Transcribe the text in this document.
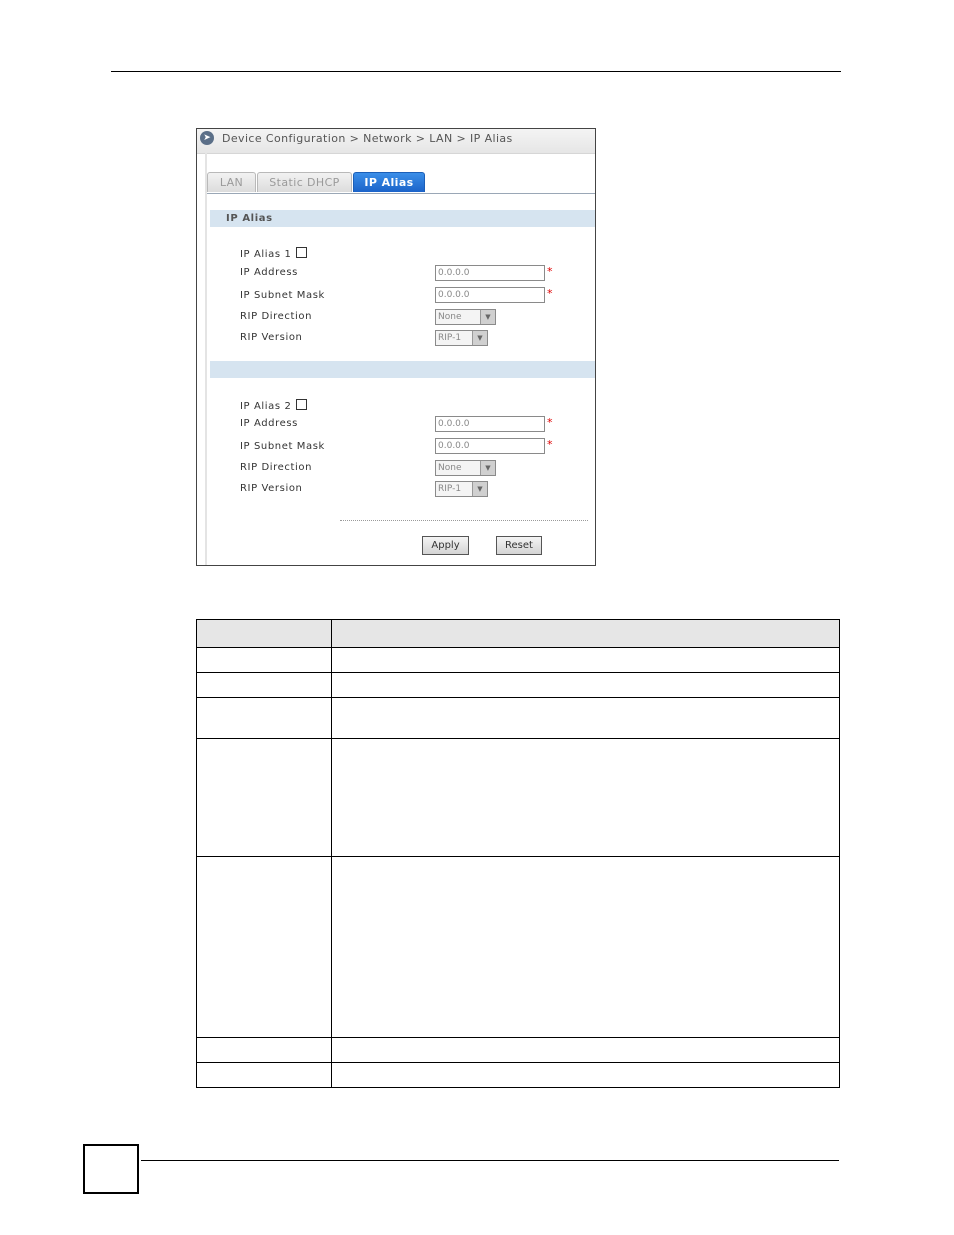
➤ Device Configuration > Network > LAN > IP Alias
LAN	Static DHCP	IP Alias
IP Alias
IP Alias 1
IP Address	0.0.0.0	*
IP Subnet Mask	0.0.0.0	*
RIP Direction	None	▼
RIP Version	RIP-1	▼
IP Alias 2
IP Address	0.0.0.0	*
IP Subnet Mask	0.0.0.0	*
RIP Direction	None	▼
RIP Version	RIP-1	▼
Apply	Reset
